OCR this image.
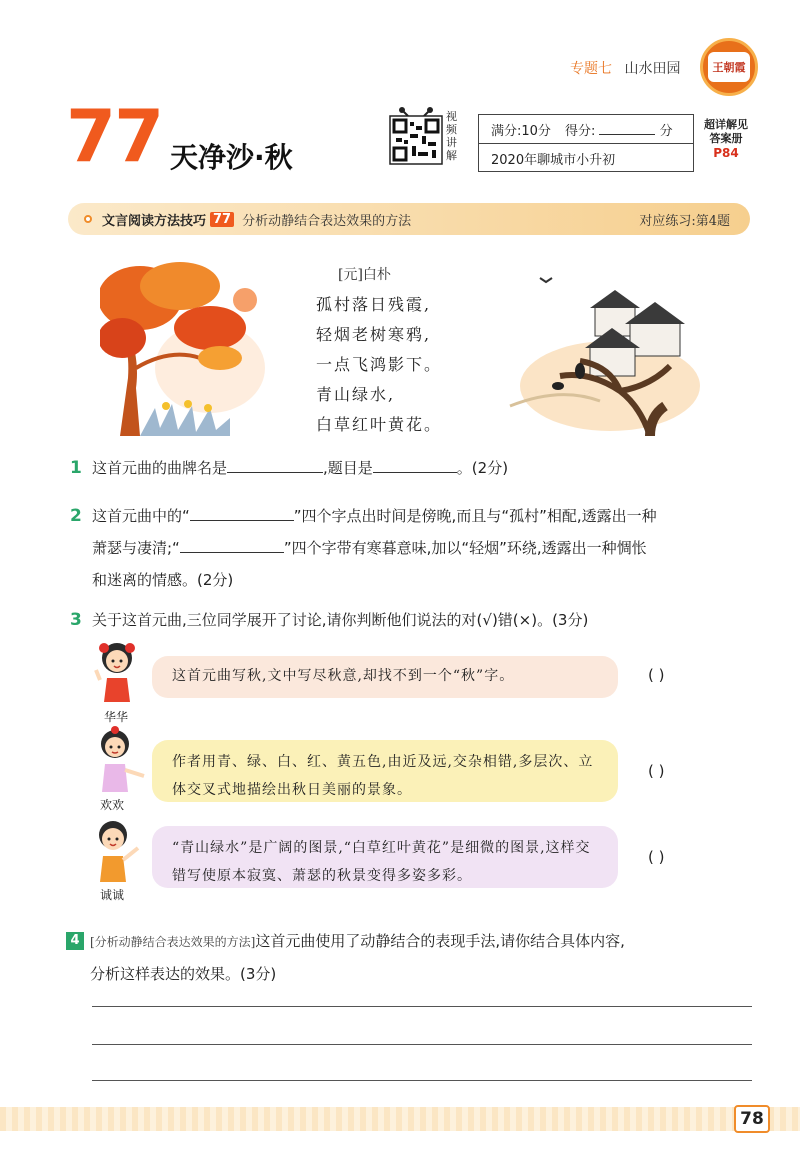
专题七 山水田园	王朝霞
77 天净沙·秋
视
频
讲
解
满分:10分 得分:	分
2020年聊城市小升初
超详解见
答案册
P84
文言阅读方法技巧 77 分析动静结合表达效果的方法	对应练习:第4题
[元]白朴
孤村落日残霞,
轻烟老树寒鸦,
一点飞鸿影下。
青山绿水,
白草红叶黄花。
1 这首元曲的曲牌名是	,题目是	。(2分)
2 这首元曲中的“	”四个字点出时间是傍晚,而且与“孤村”相配,透露出一种
萧瑟与凄清;“	”四个字带有寒暮意味,加以“轻烟”环绕,透露出一种惆怅
和迷离的情感。(2分)
3 关于这首元曲,三位同学展开了讨论,请你判断他们说法的对(√)错(×)。(3分)
华华
这首元曲写秋,文中写尽秋意,却找不到一个“秋”字。	( )
欢欢
作者用青、绿、白、红、黄五色,由近及远,交杂相错,多层次、立体交叉式地描绘出秋日美丽的景象。
( )
诚诚
“青山绿水”是广阔的图景,“白草红叶黄花”是细微的图景,这样交错写使原本寂寞、萧瑟的秋景变得多姿多彩。
( )
4 [分析动静结合表达效果的方法]这首元曲使用了动静结合的表现手法,请你结合具体内容,
分析这样表达的效果。(3分)
78
